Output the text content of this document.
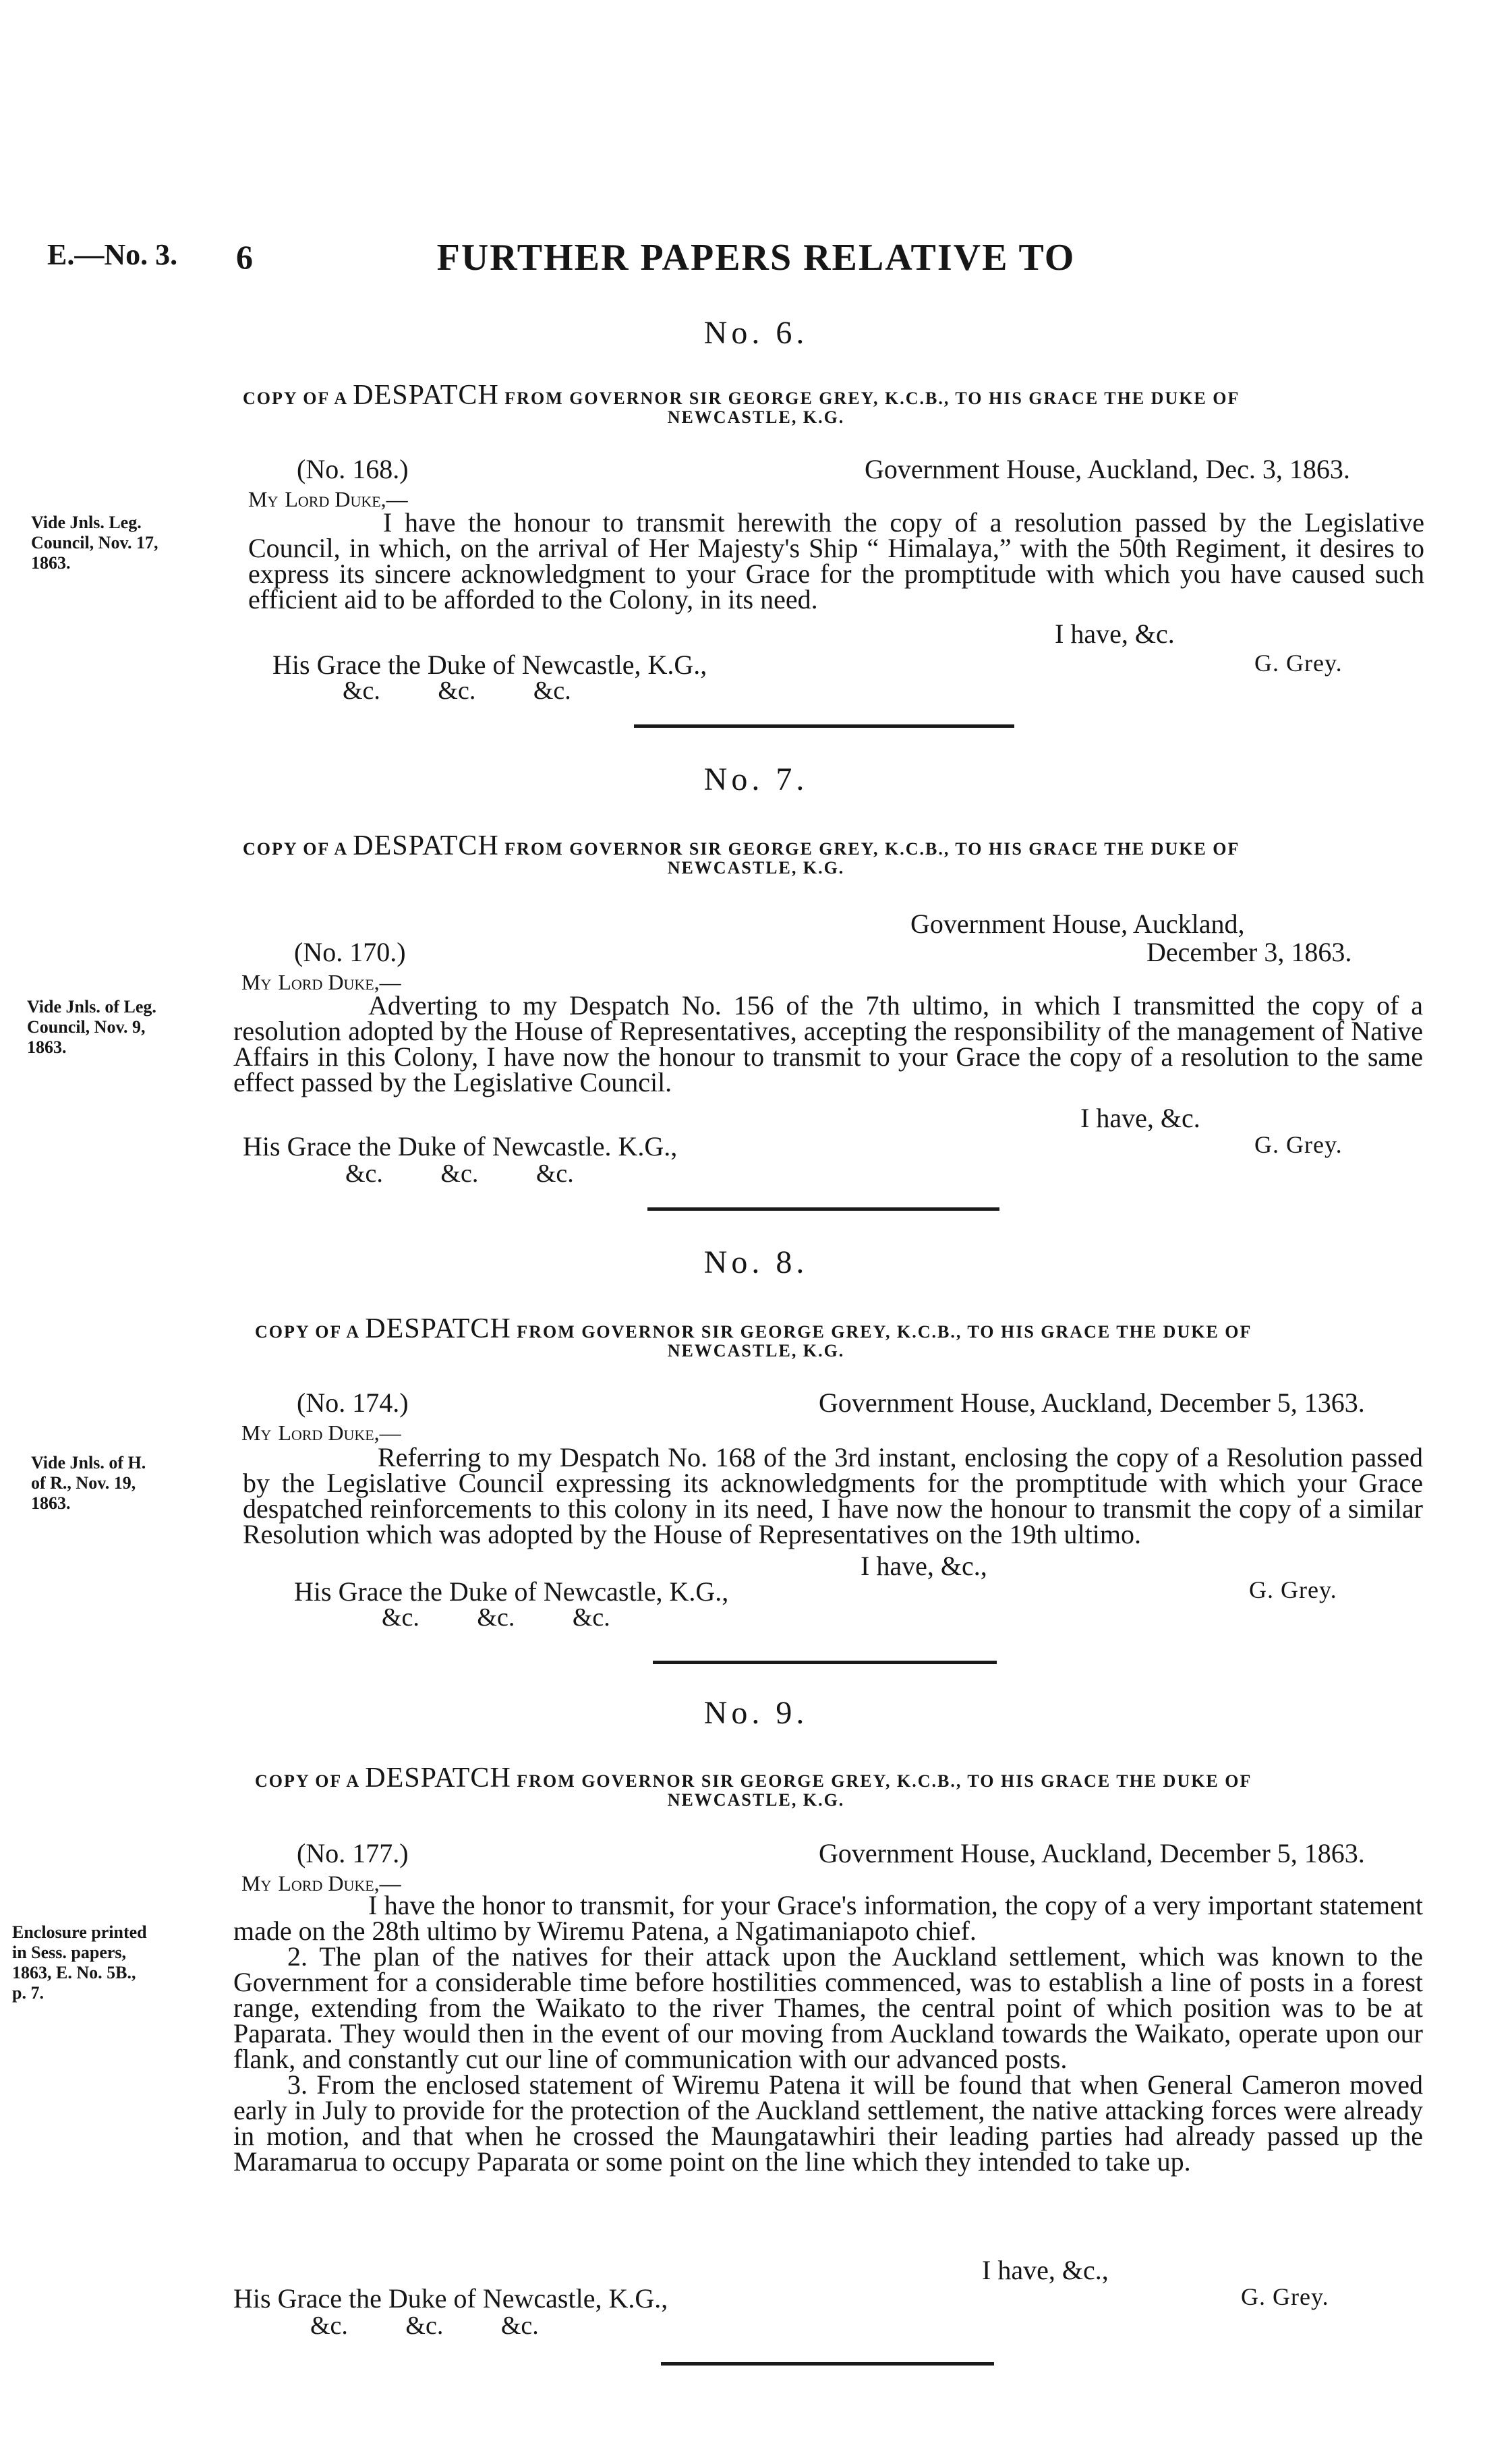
E.—No. 3. 6	FURTHER PAPERS RELATIVE TO
No. 6.
COPY OF A DESPATCH FROM GOVERNOR SIR GEORGE GREY, K.C.B., TO HIS GRACE THE DUKE OF
NEWCASTLE, K.G.
(No. 168.)	Government House, Auckland, Dec. 3, 1863.
My Lord Duke,—
Vide Jnls. Leg.
Council, Nov. 17,
1863.

I have the honour to transmit herewith the copy of a resolution passed by the Legislative Council, in which, on the arrival of Her Majesty's Ship “ Himalaya,” with the 50th Regiment, it desires to express its sincere acknowledgment to your Grace for the promptitude with which you have caused such efficient aid to be afforded to the Colony, in its need.

I have, &c.
G. Grey.
His Grace the Duke of Newcastle, K.G.,
&c.         &c.         &c.
No. 7.
COPY OF A DESPATCH FROM GOVERNOR SIR GEORGE GREY, K.C.B., TO HIS GRACE THE DUKE OF
NEWCASTLE, K.G.
Government House, Auckland,
(No. 170.)	December 3, 1863.
My Lord Duke,—
Vide Jnls. of Leg.
Council, Nov. 9,
1863.

Adverting to my Despatch No. 156 of the 7th ultimo, in which I transmitted the copy of a resolution adopted by the House of Representatives, accepting the responsibility of the management of Native Affairs in this Colony, I have now the honour to transmit to your Grace the copy of a resolution to the same effect passed by the Legislative Council.

I have, &c.
G. Grey.
His Grace the Duke of Newcastle. K.G.,
&c.         &c.         &c.
No. 8.
COPY OF A DESPATCH FROM GOVERNOR SIR GEORGE GREY, K.C.B., TO HIS GRACE THE DUKE OF
NEWCASTLE, K.G.
(No. 174.)	Government House, Auckland, December 5, 1363.
My Lord Duke,—
Vide Jnls. of H.
of R., Nov. 19,
1863.

Referring to my Despatch No. 168 of the 3rd instant, enclosing the copy of a Resolution passed by the Legislative Council expressing its acknowledgments for the promptitude with which your Grace despatched reinforcements to this colony in its need, I have now the honour to transmit the copy of a similar Resolution which was adopted by the House of Representatives on the 19th ultimo.

I have, &c.,
G. Grey.
His Grace the Duke of Newcastle, K.G.,
&c.         &c.         &c.
No. 9.
COPY OF A DESPATCH FROM GOVERNOR SIR GEORGE GREY, K.C.B., TO HIS GRACE THE DUKE OF
NEWCASTLE, K.G.
(No. 177.)	Government House, Auckland, December 5, 1863.
My Lord Duke,—
Enclosure printed
in Sess. papers,
1863, E. No. 5B.,
p. 7.

I have the honor to transmit, for your Grace's information, the copy of a very important statement made on the 28th ultimo by Wiremu Patena, a Ngatimaniapoto chief.

2. The plan of the natives for their attack upon the Auckland settlement, which was known to the Government for a considerable time before hostilities commenced, was to establish a line of posts in a forest range, extending from the Waikato to the river Thames, the central point of which position was to be at Paparata. They would then in the event of our moving from Auckland towards the Waikato, operate upon our flank, and constantly cut our line of communication with our advanced posts.

3. From the enclosed statement of Wiremu Patena it will be found that when General Cameron moved early in July to provide for the protection of the Auckland settlement, the native attacking forces were already in motion, and that when he crossed the Maungatawhiri their leading parties had already passed up the Maramarua to occupy Paparata or some point on the line which they intended to take up.

I have, &c.,
G. Grey.
His Grace the Duke of Newcastle, K.G.,
&c.         &c.         &c.
